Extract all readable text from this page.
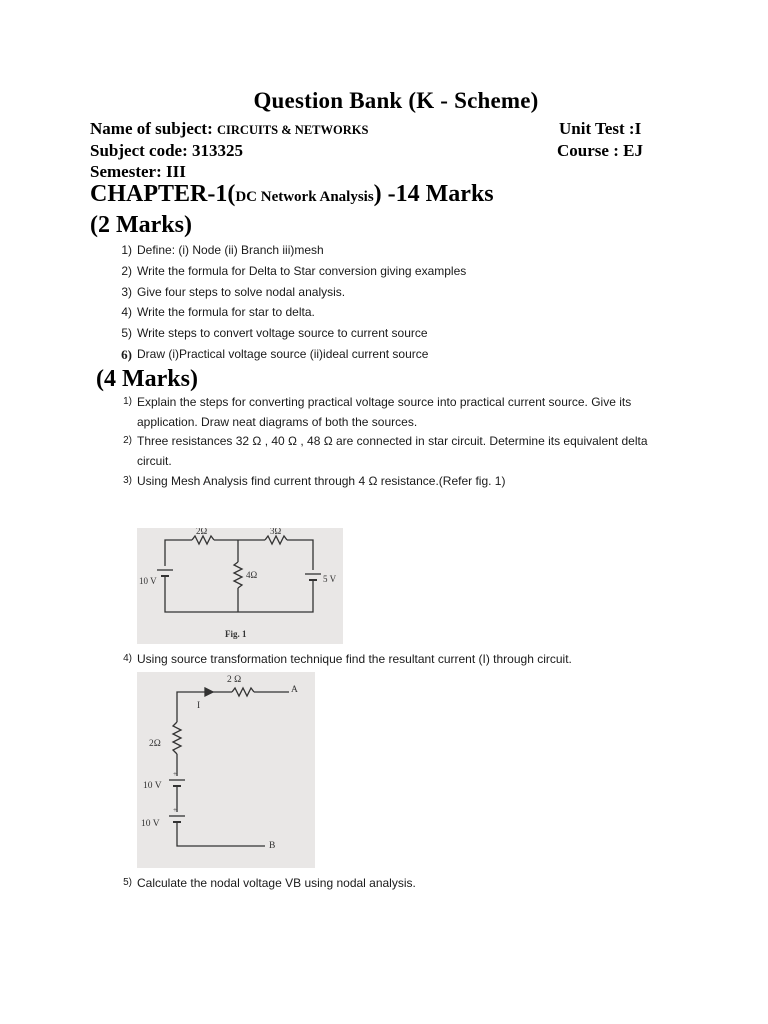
Question Bank (K - Scheme)
Name of subject: CIRCUITS & NETWORKS	Unit Test :I
Subject code: 313325	Course : EJ
Semester: III
CHAPTER-1(DC Network Analysis) -14 Marks
(2 Marks)
1) Define: (i) Node (ii) Branch iii)mesh
2) Write the formula for Delta to Star conversion giving examples
3) Give four steps to solve nodal analysis.
4) Write the formula for star to delta.
5) Write steps to convert voltage source to current source
6) Draw (i)Practical voltage source (ii)ideal current source
(4 Marks)
1) Explain the steps for converting practical voltage source into practical current source. Give its
application. Draw neat diagrams of both the sources.
2) Three resistances 32 Ω , 40 Ω , 48 Ω are connected in star circuit. Determine its equivalent delta
circuit.
3) Using Mesh Analysis find current through 4 Ω resistance.(Refer fig. 1)
4) Using source transformation technique find the resultant current (I) through circuit.
5) Calculate the nodal voltage VB using nodal analysis.
2Ω	3Ω
4Ω
10 V	5 V
Fig. 1
2 Ω
I
A
2Ω
10 V
10 V
B
+
+
